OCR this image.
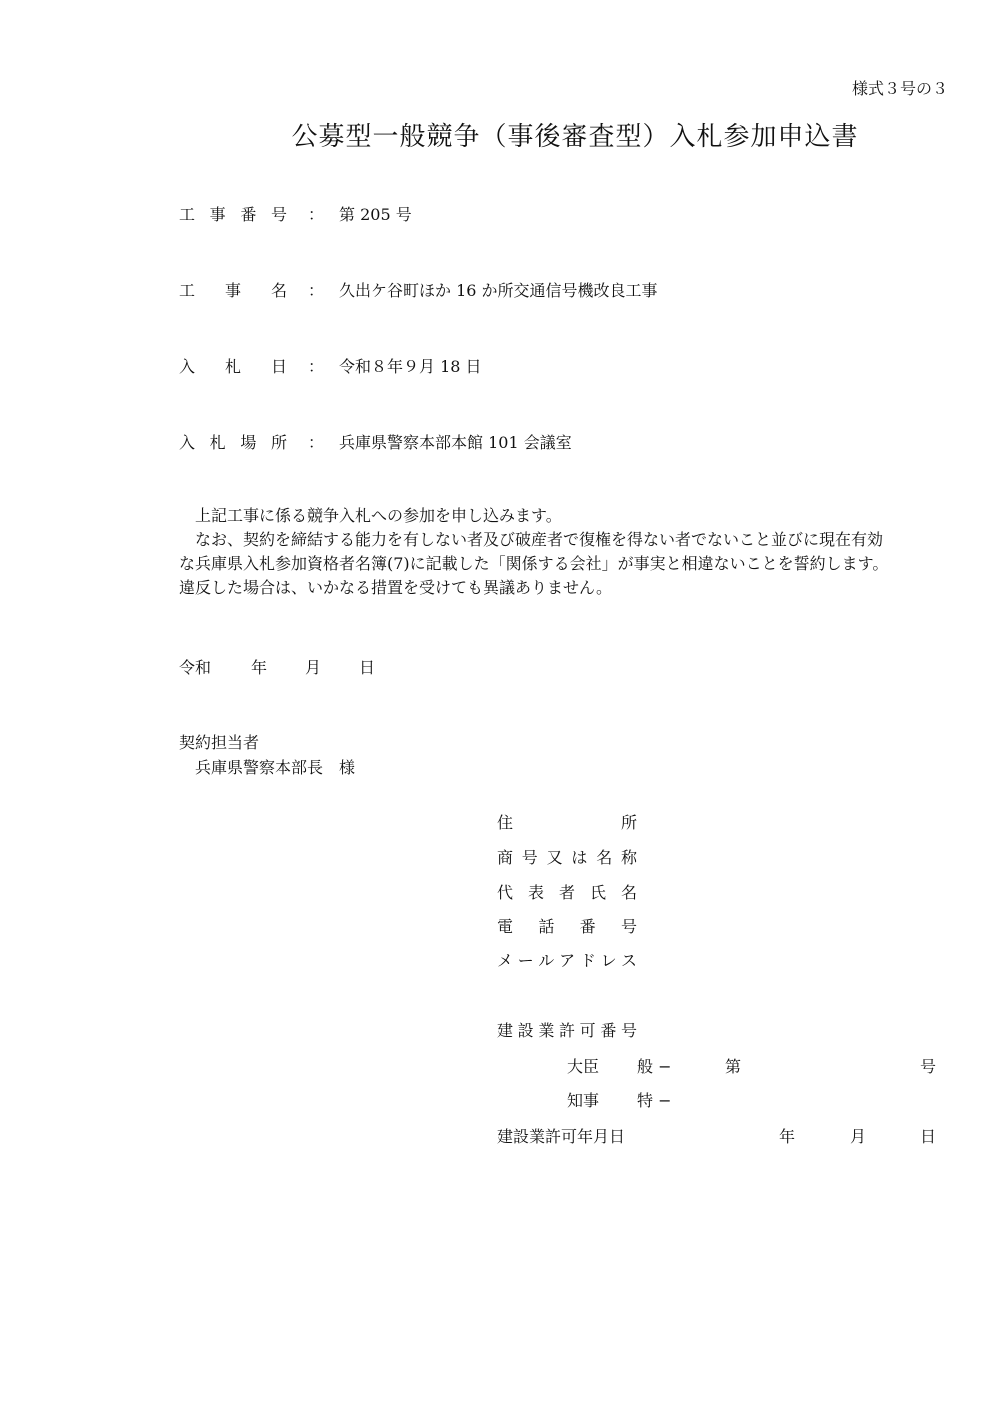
様式３号の３
公募型一般競争（事後審査型）入札参加申込書
工事番号 ： 第 205 号
工事名 ： 久出ケ谷町ほか 16 か所交通信号機改良工事
入札日 ： 令和８年９月 18 日
入札場所 ： 兵庫県警察本部本館 101 会議室
　上記工事に係る競争入札への参加を申し込みます。
　なお、契約を締結する能力を有しない者及び破産者で復権を得ない者でないこと並びに現在有効
な兵庫県入札参加資格者名簿(7)に記載した「関係する会社」が事実と相違ないことを誓約します。
違反した場合は、いかなる措置を受けても異議ありません。
令和 年 月 日
契約担当者
　兵庫県警察本部長　様
住所
商号又は名称
代表者氏名
電話番号
メールアドレス
建設業許可番号
大臣 般 −	第	号
知事 特 −
建設業許可年月日	年	月	日
